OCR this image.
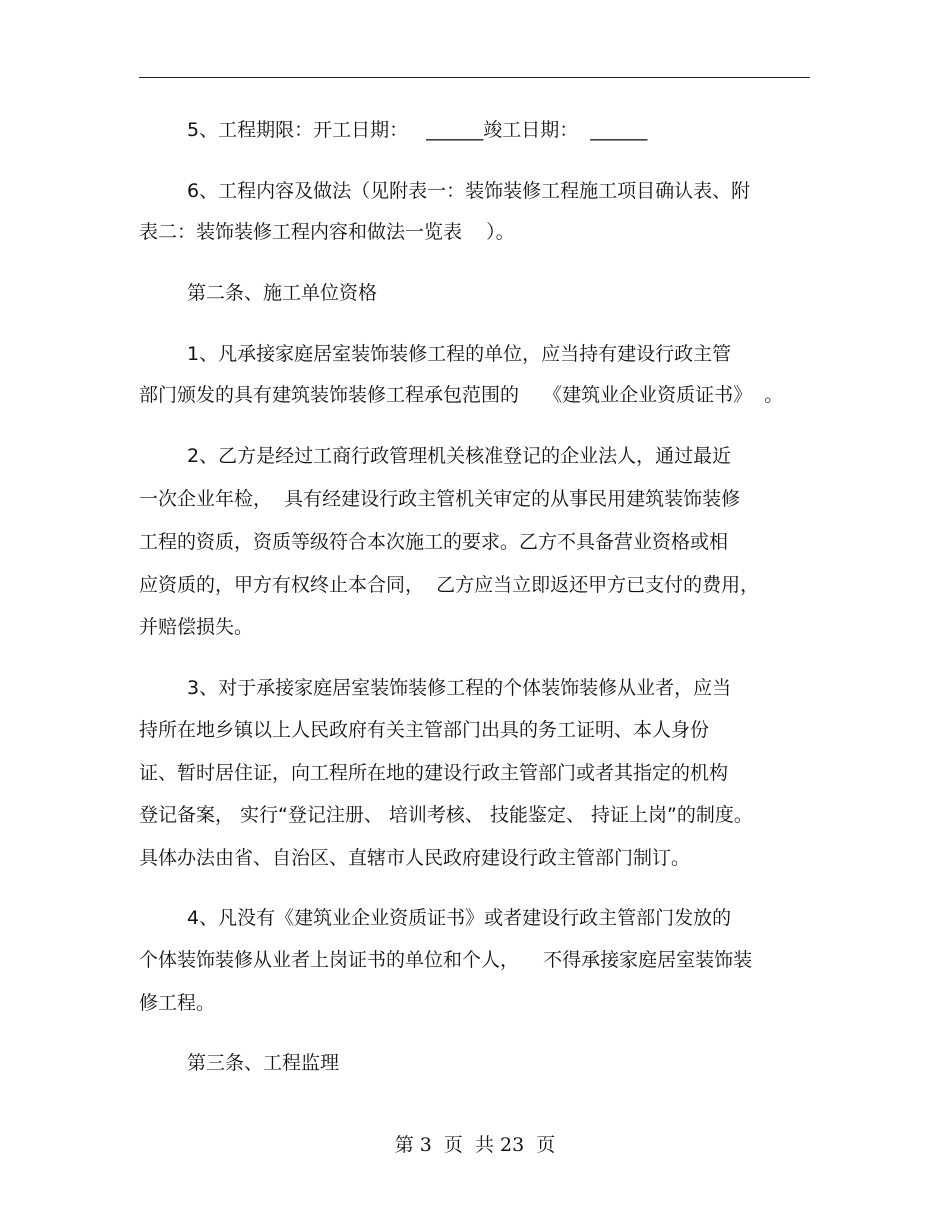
5、工程期限：开工日期：   ______竣工日期：  ______
6、工程内容及做法（见附表一：装饰装修工程施工项目确认表、附
表二：装饰装修工程内容和做法一览表    ）。
第二条、施工单位资格
1、凡承接家庭居室装饰装修工程的单位，应当持有建设行政主管
部门颁发的具有建筑装饰装修工程承包范围的    《建筑业企业资质证书》  。
2、乙方是经过工商行政管理机关核准登记的企业法人，通过最近
一次企业年检，  具有经建设行政主管机关审定的从事民用建筑装饰装修
工程的资质，资质等级符合本次施工的要求。乙方不具备营业资格或相
应资质的，甲方有权终止本合同，  乙方应当立即返还甲方已支付的费用，
并赔偿损失。
3、对于承接家庭居室装饰装修工程的个体装饰装修从业者，应当
持所在地乡镇以上人民政府有关主管部门出具的务工证明、本人身份
证、暂时居住证，向工程所在地的建设行政主管部门或者其指定的机构
登记备案， 实行“登记注册、 培训考核、 技能鉴定、 持证上岗”的制度。
具体办法由省、自治区、直辖市人民政府建设行政主管部门制订。
4、凡没有《建筑业企业资质证书》或者建设行政主管部门发放的
个体装饰装修从业者上岗证书的单位和个人，    不得承接家庭居室装饰装
修工程。
第三条、工程监理
第 3  页  共 23  页
